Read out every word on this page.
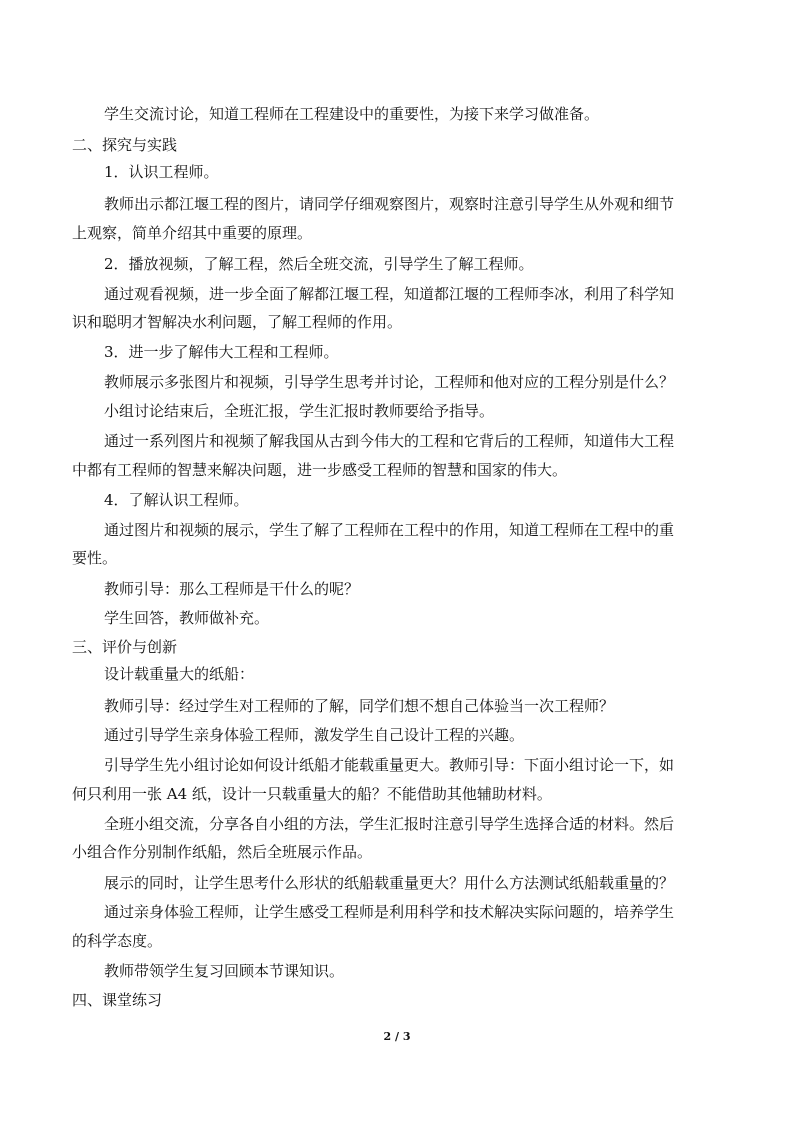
学生交流讨论，知道工程师在工程建设中的重要性，为接下来学习做准备。
二、探究与实践
1．认识工程师。
教师出示都江堰工程的图片，请同学仔细观察图片，观察时注意引导学生从外观和细节
上观察，简单介绍其中重要的原理。
2．播放视频，了解工程，然后全班交流，引导学生了解工程师。
通过观看视频，进一步全面了解都江堰工程，知道都江堰的工程师李冰，利用了科学知
识和聪明才智解决水利问题，了解工程师的作用。
3．进一步了解伟大工程和工程师。
教师展示多张图片和视频，引导学生思考并讨论，工程师和他对应的工程分别是什么？
小组讨论结束后，全班汇报，学生汇报时教师要给予指导。
通过一系列图片和视频了解我国从古到今伟大的工程和它背后的工程师，知道伟大工程
中都有工程师的智慧来解决问题，进一步感受工程师的智慧和国家的伟大。
4．了解认识工程师。
通过图片和视频的展示，学生了解了工程师在工程中的作用，知道工程师在工程中的重
要性。
教师引导：那么工程师是干什么的呢？
学生回答，教师做补充。
三、评价与创新
设计载重量大的纸船：
教师引导：经过学生对工程师的了解，同学们想不想自己体验当一次工程师？
通过引导学生亲身体验工程师，激发学生自己设计工程的兴趣。
引导学生先小组讨论如何设计纸船才能载重量更大。教师引导：下面小组讨论一下，如
何只利用一张 A4 纸，设计一只载重量大的船？不能借助其他辅助材料。
全班小组交流，分享各自小组的方法，学生汇报时注意引导学生选择合适的材料。然后
小组合作分别制作纸船，然后全班展示作品。
展示的同时，让学生思考什么形状的纸船载重量更大？用什么方法测试纸船载重量的？
通过亲身体验工程师，让学生感受工程师是利用科学和技术解决实际问题的，培养学生
的科学态度。
教师带领学生复习回顾本节课知识。
四、课堂练习
2 / 3
